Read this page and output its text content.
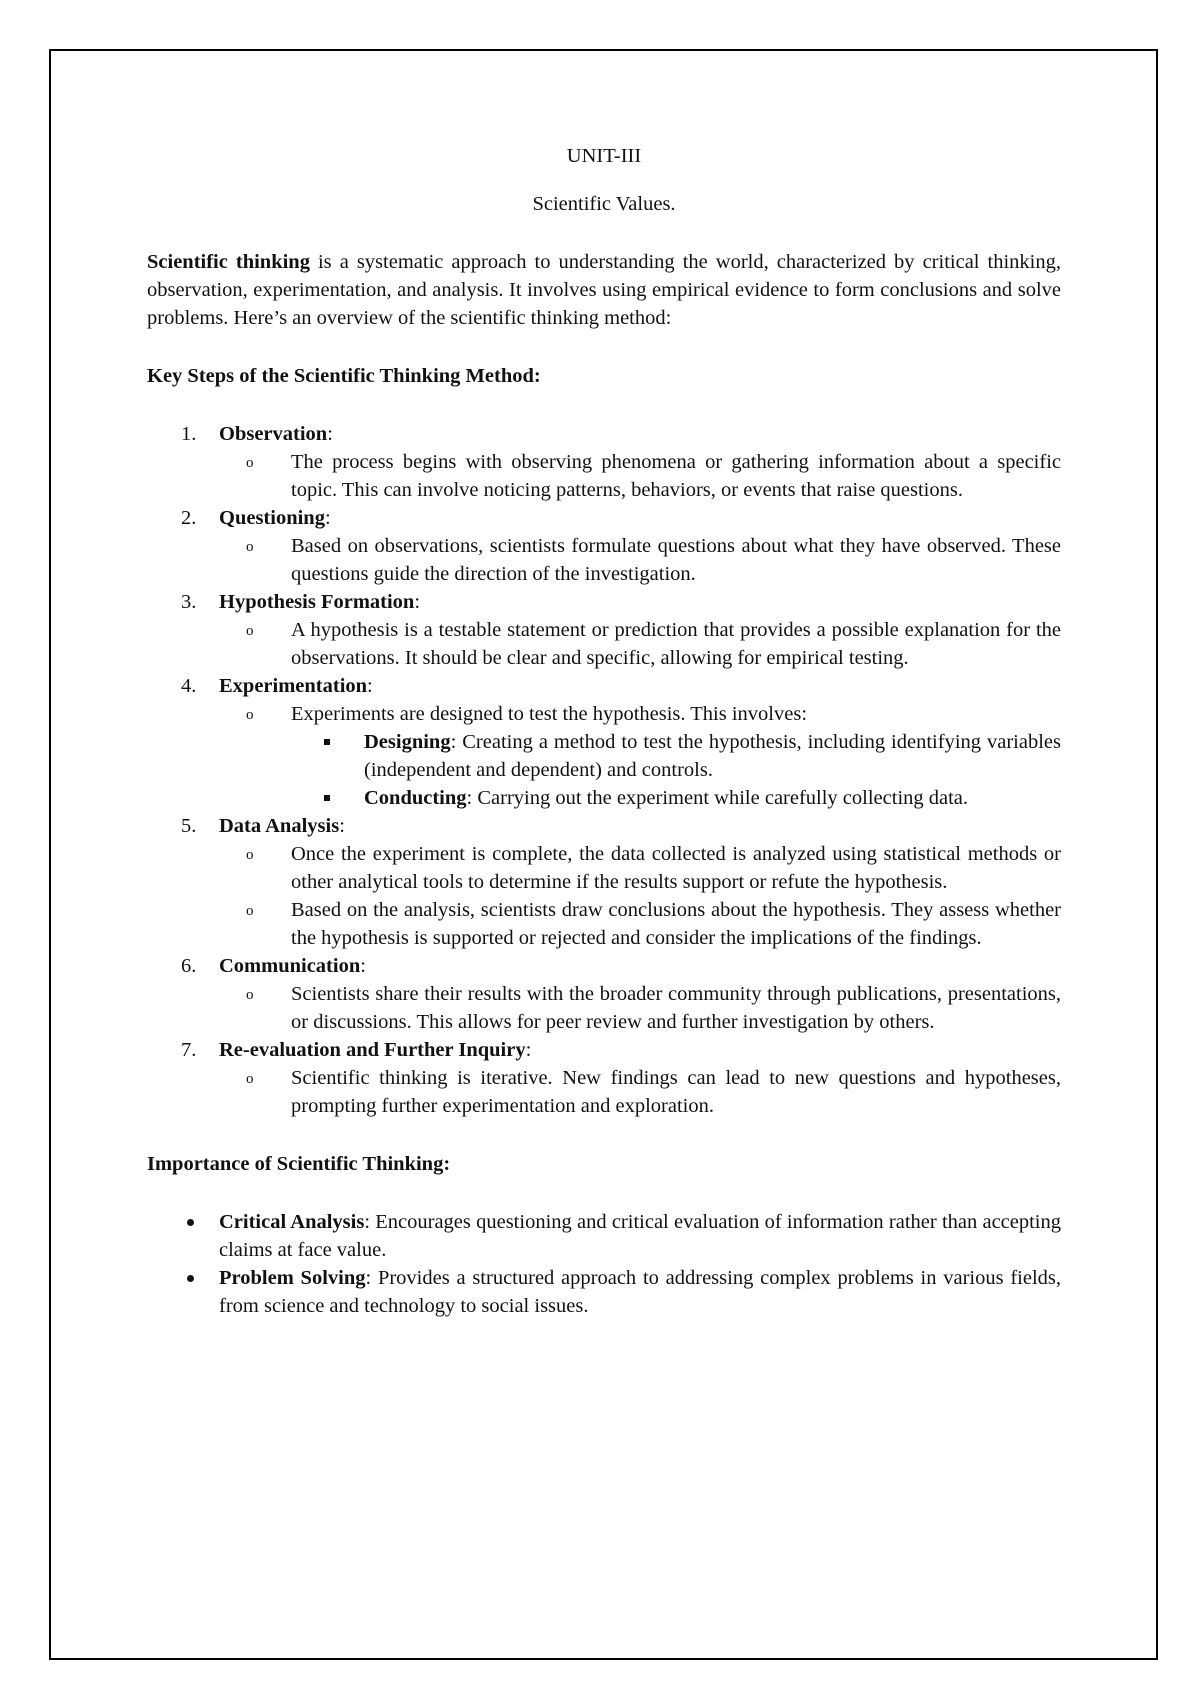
UNIT-III
Scientific Values.
Scientific thinking is a systematic approach to understanding the world, characterized by critical thinking, observation, experimentation, and analysis. It involves using empirical evidence to form conclusions and solve problems. Here’s an overview of the scientific thinking method:
Key Steps of the Scientific Thinking Method:
1. Observation:
o The process begins with observing phenomena or gathering information about a specific topic. This can involve noticing patterns, behaviors, or events that raise questions.
2. Questioning:
o Based on observations, scientists formulate questions about what they have observed. These questions guide the direction of the investigation.
3. Hypothesis Formation:
o A hypothesis is a testable statement or prediction that provides a possible explanation for the observations. It should be clear and specific, allowing for empirical testing.
4. Experimentation:
o Experiments are designed to test the hypothesis. This involves:
Designing: Creating a method to test the hypothesis, including identifying variables (independent and dependent) and controls.
Conducting: Carrying out the experiment while carefully collecting data.
5. Data Analysis:
o Once the experiment is complete, the data collected is analyzed using statistical methods or other analytical tools to determine if the results support or refute the hypothesis.
o Based on the analysis, scientists draw conclusions about the hypothesis. They assess whether the hypothesis is supported or rejected and consider the implications of the findings.
6. Communication:
o Scientists share their results with the broader community through publications, presentations, or discussions. This allows for peer review and further investigation by others.
7. Re-evaluation and Further Inquiry:
o Scientific thinking is iterative. New findings can lead to new questions and hypotheses, prompting further experimentation and exploration.
Importance of Scientific Thinking:
Critical Analysis: Encourages questioning and critical evaluation of information rather than accepting claims at face value.
Problem Solving: Provides a structured approach to addressing complex problems in various fields, from science and technology to social issues.
